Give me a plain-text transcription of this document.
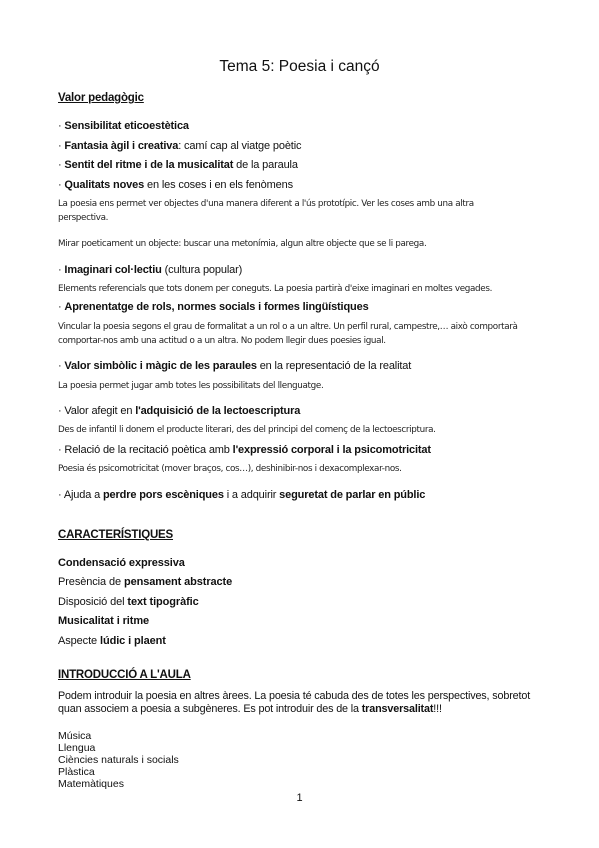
Tema 5: Poesia i cançó
Valor pedagògic
· Sensibilitat eticoestètica
· Fantasia àgil i creativa: camí cap al viatge poètic
· Sentit del ritme i de la musicalitat de la paraula
· Qualitats noves en les coses i en els fenòmens
La poesia ens permet ver objectes d'una manera diferent a l'ús prototípic. Ver les coses amb una altra perspectiva.
Mirar poeticament un objecte: buscar una metonímia, algun altre objecte que se li parega.
· Imaginari col·lectiu (cultura popular)
Elements referencials que tots donem per coneguts. La poesia partirà d'eixe imaginari en moltes vegades.
· Aprenentatge de rols, normes socials i formes lingüístiques
Vincular la poesia segons el grau de formalitat a un rol o a un altre. Un perfil rural, campestre,… això comportarà comportar-nos amb una actitud o a un altra. No podem llegir dues poesies igual.
· Valor simbòlic i màgic de les paraules en la representació de la realitat
La poesia permet jugar amb totes les possibilitats del llenguatge.
· Valor afegit en l'adquisició de la lectoescriptura
Des de infantil li donem el producte literari, des del principi del començ de la lectoescriptura.
· Relació de la recitació poètica amb l'expressió corporal i la psicomotricitat
Poesia és psicomotricitat (mover braços, cos…), deshinibir-nos i dexacomplexar-nos.
· Ajuda a perdre pors escèniques i a adquirir seguretat de parlar en públic
CARACTERÍSTIQUES
Condensació expressiva
Presència de pensament abstracte
Disposició del text tipogràfic
Musicalitat i ritme
Aspecte lúdic i plaent
INTRODUCCIÓ A L'AULA
Podem introduir la poesia en altres àrees. La poesia té cabuda des de totes les perspectives, sobretot quan associem a poesia a subgèneres. Es pot introduir des de la transversalitat!!!
Música
Llengua
Ciències naturals i socials
Plàstica
Matemàtiques
1
